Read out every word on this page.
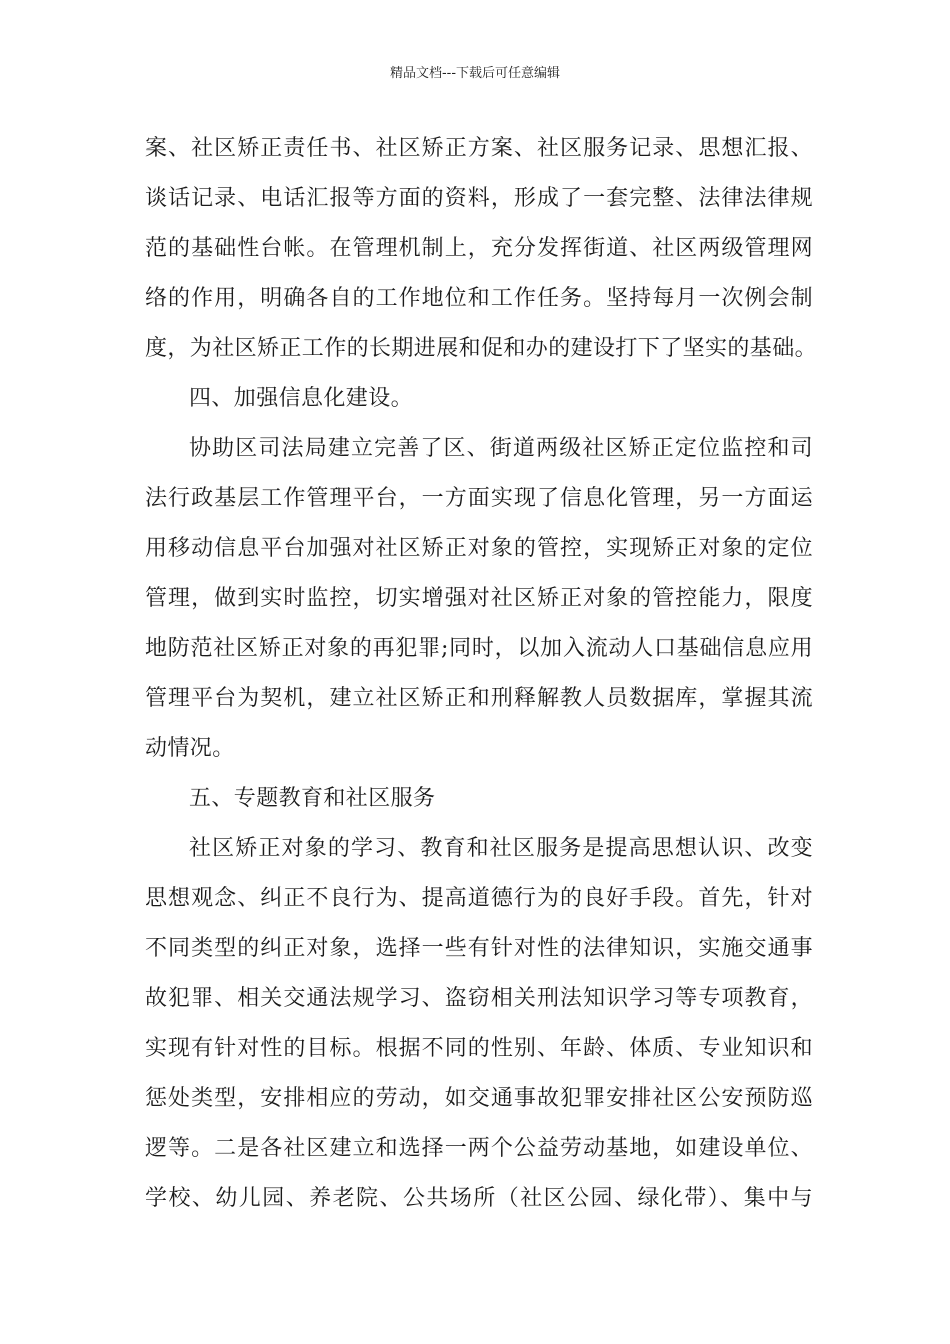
精品文档---下载后可任意编辑
案、社区矫正责任书、社区矫正方案、社区服务记录、思想汇报、
谈话记录、电话汇报等方面的资料，形成了一套完整、法律法律规
范的基础性台帐。在管理机制上，充分发挥街道、社区两级管理网
络的作用，明确各自的工作地位和工作任务。坚持每月一次例会制
度，为社区矫正工作的长期进展和促和办的建设打下了坚实的基础。
四、加强信息化建设。
协助区司法局建立完善了区、街道两级社区矫正定位监控和司
法行政基层工作管理平台，一方面实现了信息化管理，另一方面运
用移动信息平台加强对社区矫正对象的管控，实现矫正对象的定位
管理，做到实时监控，切实增强对社区矫正对象的管控能力，限度
地防范社区矫正对象的再犯罪;同时，以加入流动人口基础信息应用
管理平台为契机，建立社区矫正和刑释解教人员数据库，掌握其流
动情况。
五、专题教育和社区服务
社区矫正对象的学习、教育和社区服务是提高思想认识、改变
思想观念、纠正不良行为、提高道德行为的良好手段。首先，针对
不同类型的纠正对象，选择一些有针对性的法律知识，实施交通事
故犯罪、相关交通法规学习、盗窃相关刑法知识学习等专项教育，
实现有针对性的目标。根据不同的性别、年龄、体质、专业知识和
惩处类型，安排相应的劳动，如交通事故犯罪安排社区公安预防巡
逻等。二是各社区建立和选择一两个公益劳动基地，如建设单位、
学校、幼儿园、养老院、公共场所（社区公园、绿化带）、集中与
